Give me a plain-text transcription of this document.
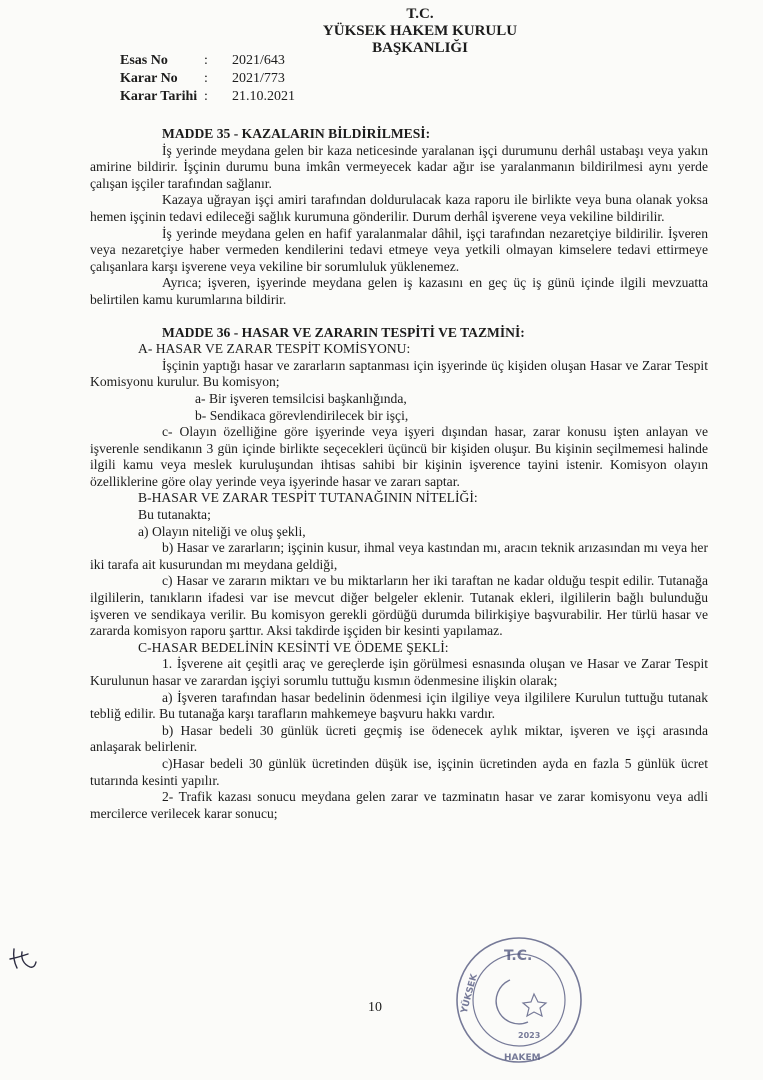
T.C.
YÜKSEK HAKEM KURULU
BAŞKANLIĞI
Esas No	:	2021/643
Karar No	:	2021/773
Karar Tarihi :	21.10.2021

MADDE 35 - KAZALARIN BİLDİRİLMESİ:

İş yerinde meydana gelen bir kaza neticesinde yaralanan işçi durumunu derhâl ustabaşı veya yakın amirine bildirir. İşçinin durumu buna imkân vermeyecek kadar ağır ise yaralanmanın bildirilmesi aynı yerde çalışan işçiler tarafından sağlanır.

Kazaya uğrayan işçi amiri tarafından doldurulacak kaza raporu ile birlikte veya buna olanak yoksa hemen işçinin tedavi edileceği sağlık kurumuna gönderilir. Durum derhâl işverene veya vekiline bildirilir.

İş yerinde meydana gelen en hafif yaralanmalar dâhil, işçi tarafından nezaretçiye bildirilir. İşveren veya nezaretçiye haber vermeden kendilerini tedavi etmeye veya yetkili olmayan kimselere tedavi ettirmeye çalışanlara karşı işverene veya vekiline bir sorumluluk yüklenemez.

Ayrıca; işveren, işyerinde meydana gelen iş kazasını en geç üç iş günü içinde ilgili mevzuatta belirtilen kamu kurumlarına bildirir.

MADDE 36 - HASAR VE ZARARIN TESPİTİ VE TAZMİNİ:

A- HASAR VE ZARAR TESPİT KOMİSYONU:

İşçinin yaptığı hasar ve zararların saptanması için işyerinde üç kişiden oluşan Hasar ve Zarar Tespit Komisyonu kurulur. Bu komisyon;

a- Bir işveren temsilcisi başkanlığında,

b- Sendikaca görevlendirilecek bir işçi,

c- Olayın özelliğine göre işyerinde veya işyeri dışından hasar, zarar konusu işten anlayan ve işverenle sendikanın 3 gün içinde birlikte seçecekleri üçüncü bir kişiden oluşur. Bu kişinin seçilmemesi halinde ilgili kamu veya meslek kuruluşundan ihtisas sahibi bir kişinin işverence tayini istenir. Komisyon olayın özelliklerine göre olay yerinde veya işyerinde hasar ve zararı saptar.

B-HASAR VE ZARAR TESPİT TUTANAĞININ NİTELİĞİ:

Bu tutanakta;

a) Olayın niteliği ve oluş şekli,

b) Hasar ve zararların; işçinin kusur, ihmal veya kastından mı, aracın teknik arızasından mı veya her iki tarafa ait kusurundan mı meydana geldiği,

c) Hasar ve zararın miktarı ve bu miktarların her iki taraftan ne kadar olduğu tespit edilir. Tutanağa ilgililerin, tanıkların ifadesi var ise mevcut diğer belgeler eklenir. Tutanak ekleri, ilgililerin bağlı bulunduğu işveren ve sendikaya verilir. Bu komisyon gerekli gördüğü durumda bilirkişiye başvurabilir. Her türlü hasar ve zararda komisyon raporu şarttır. Aksi takdirde işçiden bir kesinti yapılamaz.

C-HASAR BEDELİNİN KESİNTİ VE ÖDEME ŞEKLİ:

1. İşverene ait çeşitli araç ve gereçlerde işin görülmesi esnasında oluşan ve Hasar ve Zarar Tespit Kurulunun hasar ve zarardan işçiyi sorumlu tuttuğu kısmın ödenmesine ilişkin olarak;

a) İşveren tarafından hasar bedelinin ödenmesi için ilgiliye veya ilgililere Kurulun tuttuğu tutanak tebliğ edilir. Bu tutanağa karşı tarafların mahkemeye başvuru hakkı vardır.

b) Hasar bedeli 30 günlük ücreti geçmiş ise ödenecek aylık miktar, işveren ve işçi arasında anlaşarak belirlenir.

c)Hasar bedeli 30 günlük ücretinden düşük ise, işçinin ücretinden ayda en fazla 5 günlük ücret tutarında kesinti yapılır.

2- Trafik kazası sonucu meydana gelen zarar ve tazminatın hasar ve zarar komisyonu veya adli mercilerce verilecek karar sonucu;

10
T.C.
YÜKSEK
HAKEM
2023
